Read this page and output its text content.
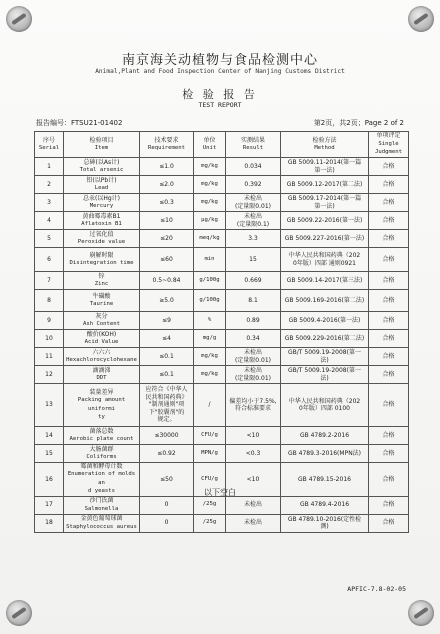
南京海关动植物与食品检测中心
Animal,Plant and Food Inspection Center of Nanjing Customs District
检 验 报 告
TEST REPORT
报告编号：FTSU21-01402	第2页，共2页；Page 2 of 2
序号
Serial	检验项目
Item	技术要求
Requirement	单位
Unit	实测结果
Result	检验方法
Method	单项评定
Single
Judgment
1	总砷(以As计)
Total arsenic	≤1.0	mg/kg	0.034	GB 5009.11-2014(第一篇
第一法)	合格
2	铅(以Pb计)
Lead	≤2.0	mg/kg	0.392	GB 5009.12-2017(第二法)	合格
3	总汞(以Hg计)
Mercury	≤0.3	mg/kg	未检出
(定量限0.01)	GB 5009.17-2014(第一篇
第一法)	合格
4	黄曲霉毒素B1
Aflatoxin B1	≤10	μg/kg	未检出
(定量限0.1)	GB 5009.22-2016(第一法)	合格
5	过氧化值
Peroxide value	≤20	meq/kg	3.3	GB 5009.227-2016(第一法)	合格
6	崩解时限
Disintegration time	≤60	min	15	中华人民共和国药典（202
0年版）四部 通则0921	合格
7	锌
Zinc	0.5~0.84	g/100g	0.669	GB 5009.14-2017(第三法)	合格
8	牛磺酸
Taurine	≥5.0	g/100g	8.1	GB 5009.169-2016(第二法)	合格
9	灰分
Ash Content	≤9	%	0.89	GB 5009.4-2016(第一法)	合格
10	酸价(KOH)
Acid Value	≤4	mg/g	0.34	GB 5009.229-2016(第二法)	合格
11	六六六
Hexachlorocyclohexane	≤0.1	mg/kg	未检出
(定量限0.01)	GB/T 5009.19-2008(第一
法)	合格
12	滴滴涕
DDT	≤0.1	mg/kg	未检出
(定量限0.01)	GB/T 5009.19-2008(第一
法)	合格
13	装量差异
Packing amount uniformi
ty	应符合《中华人
民共和国药典》
"制剂通则"项
下"胶囊剂"的
规定。	/	偏差均小于7.5%,
符合标准要求	中华人民共和国药典（202
0年版）四部 0100	合格
14	菌落总数
Aerobic plate count	≤30000	CFU/g	<10	GB 4789.2-2016	合格
15	大肠菌群
Coliforms	≤0.92	MPN/g	<0.3	GB 4789.3-2016(MPN法)	合格
16	霉菌和酵母计数
Enumeration of molds an
d yeasts	≤50	CFU/g	<10	GB 4789.15-2016	合格
17	沙门氏菌
Salmonella	0	/25g	未检出	GB 4789.4-2016	合格
18	金黄色葡萄球菌
Staphylococcus aureus	0	/25g	未检出	GB 4789.10-2016(定性检
测)	合格
以下空白
APFIC-7.8-02-05
